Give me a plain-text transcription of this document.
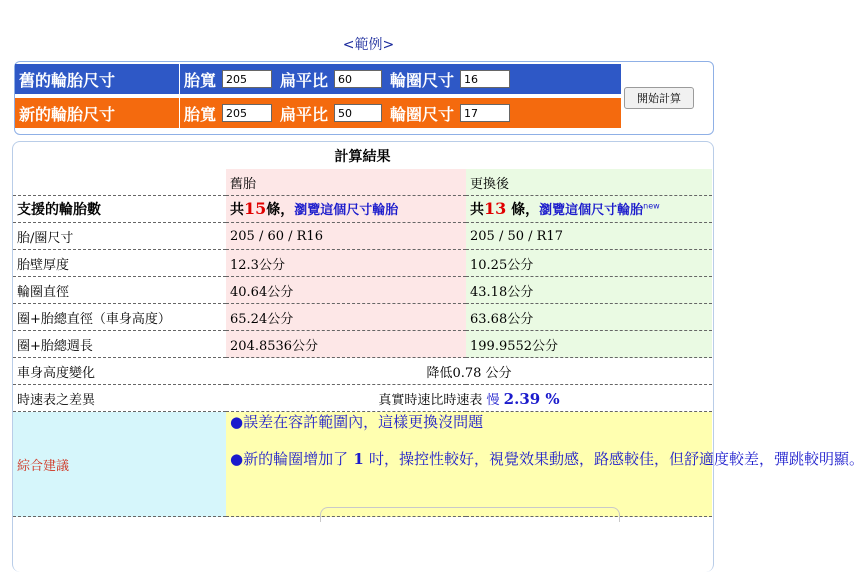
<範例>
舊的輪胎尺寸	胎寬
205	扁平比
60	輪圈尺寸
16
新的輪胎尺寸	胎寬
205	扁平比
50	輪圈尺寸
17
開始計算
計算結果		
	舊胎	更換後
支援的輪胎數	共15條，瀏覽這個尺寸輪胎	共13 條，瀏覽這個尺寸輪胎$^{new}$
胎/圈尺寸	205 / 60 / R16	205 / 50 / R17
胎壁厚度	12.3公分	10.25公分
輪圈直徑	40.64公分	43.18公分
圈+胎總直徑（車身高度）	65.24公分	63.68公分
圈+胎總週長	204.8536公分	199.9552公分
車身高度變化	降低0.78 公分	
時速表之差異	真實時速比時速表 慢 2.39 %	
綜合建議	●誤差在容許範圍內，這樣更換沒問題

●新的輪圈增加了 1 吋，操控性較好，視覺效果動感，路感較佳，但舒適度較差，彈跳較明顯。	
